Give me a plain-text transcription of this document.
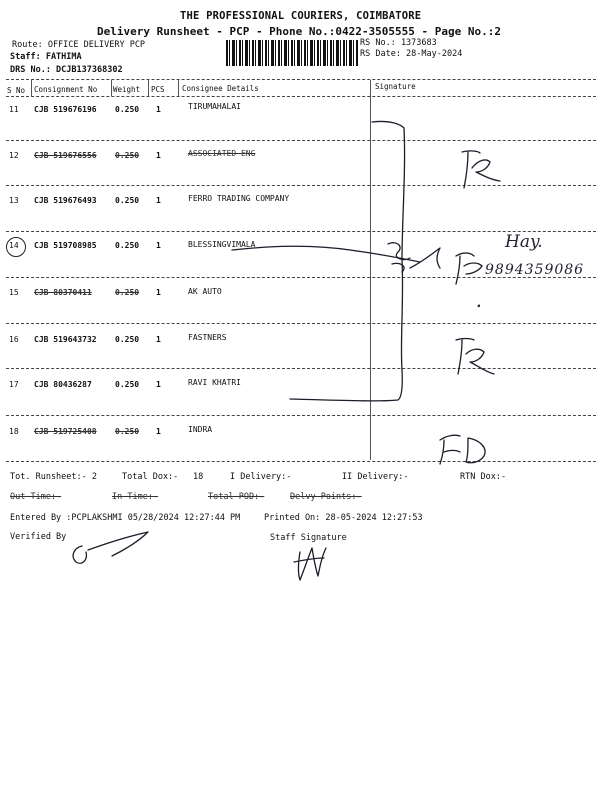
THE PROFESSIONAL COURIERS, COIMBATORE
Delivery Runsheet - PCP - Phone No.:0422-3505555 - Page No.:2
Route: OFFICE DELIVERY PCP
Staff: FATHIMA
DRS No.: DCJB137368302
RS No.: 1373683
RS Date: 28-May-2024
S No Consignment No Weight PCS Consignee Details	Signature
11 CJB 519676196 0.250 1	TIRUMAHALAI
12 CJB 519676556 0.250 1	ASSOCIATED ENG
13 CJB 519676493 0.250 1	FERRO TRADING COMPANY
14 CJB 519708985 0.250 1	BLESSINGVIMALA
15 CJB 80370411	0.250 1	AK AUTO
16 CJB 519643732 0.250 1	FASTNERS
17 CJB 80436287	0.250 1	RAVI KHATRI
18 CJB 519725408 0.250 1	INDRA
Tot. Runsheet:- 2	Total Dox:- 18	I Delivery:-	II Delivery:-	RTN Dox:-
Out Time:-	In Time:-	Total POD:-	Delvy Points:-
Entered By :PCPLAKSHMI 05/28/2024 12:27:44 PM	Printed On: 28-05-2024 12:27:53
Verified By	Staff Signature
Hay.
9894359086
